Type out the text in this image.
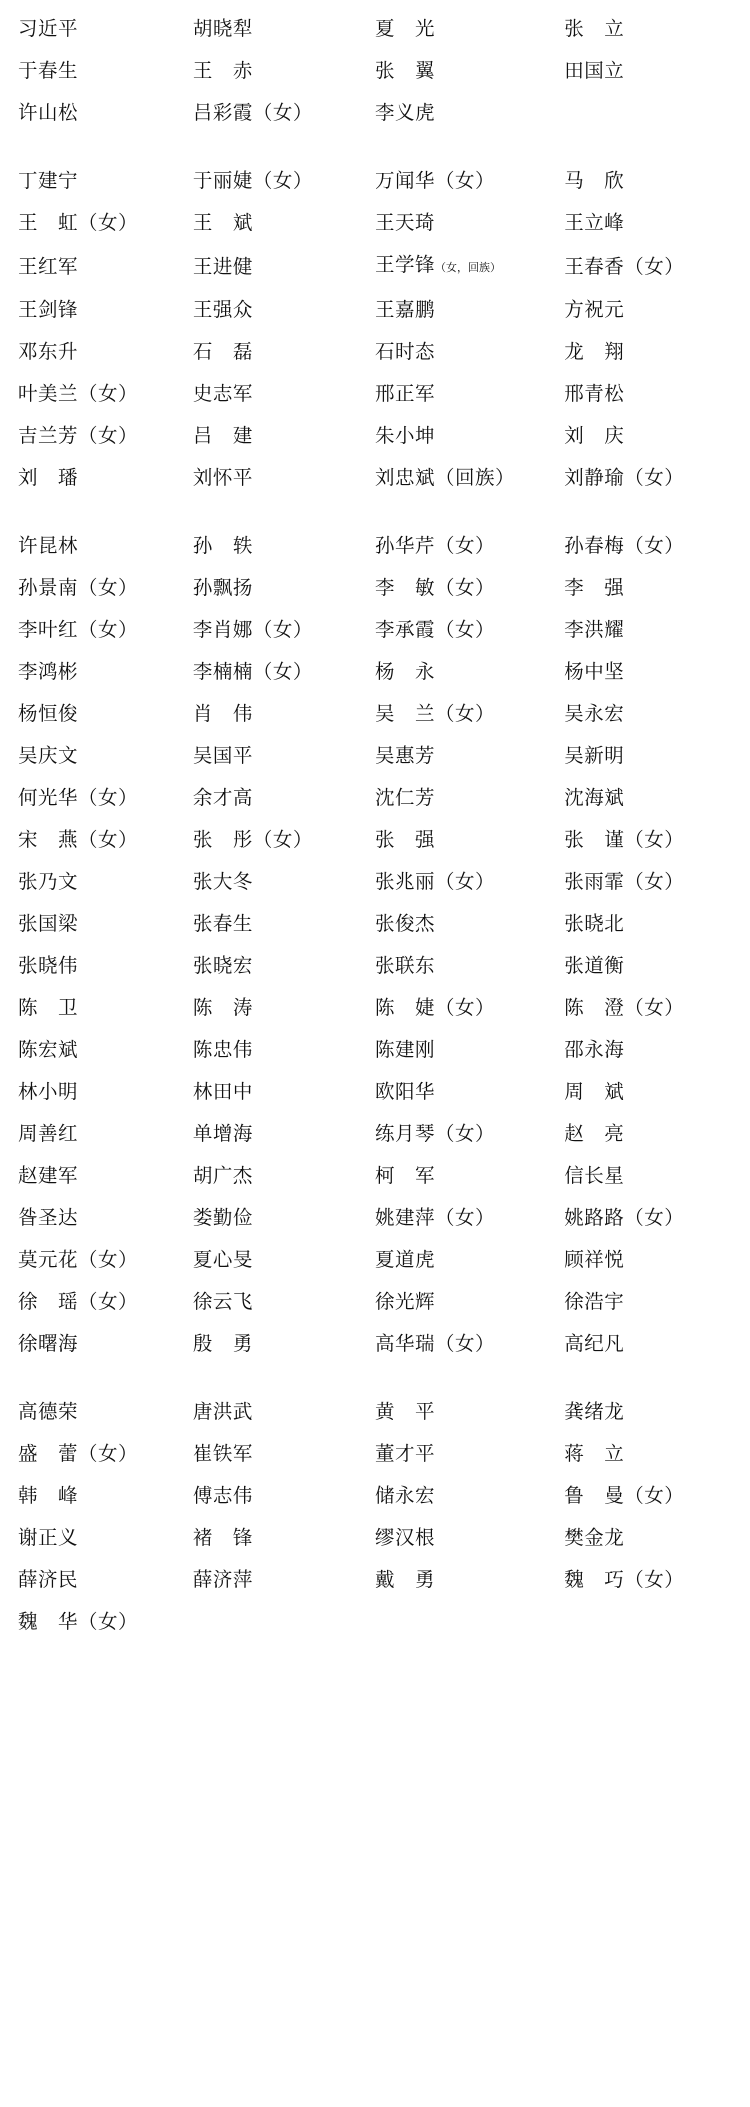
习近平	胡晓犁	夏　光	张　立
于春生	王　赤	张　翼	田国立
许山松	吕彩霞（女）	李义虎	

丁建宁	于丽婕（女）	万闻华（女）	马　欣
王　虹（女）	王　斌	王天琦	王立峰
王红军	王进健	王学锋（女，回族）	王春香（女）
王剑锋	王强众	王嘉鹏	方祝元
邓东升	石　磊	石时态	龙　翔
叶美兰（女）	史志军	邢正军	邢青松
吉兰芳（女）	吕　建	朱小坤	刘　庆
刘　璠	刘怀平	刘忠斌（回族）	刘静瑜（女）

许昆林	孙　轶	孙华芹（女）	孙春梅（女）
孙景南（女）	孙飘扬	李　敏（女）	李　强
李叶红（女）	李肖娜（女）	李承霞（女）	李洪耀
李鸿彬	李楠楠（女）	杨　永	杨中坚
杨恒俊	肖　伟	吴　兰（女）	吴永宏
吴庆文	吴国平	吴惠芳	吴新明
何光华（女）	余才高	沈仁芳	沈海斌
宋　燕（女）	张　彤（女）	张　强	张　谨（女）
张乃文	张大冬	张兆丽（女）	张雨霏（女）
张国梁	张春生	张俊杰	张晓北
张晓伟	张晓宏	张联东	张道衡
陈　卫	陈　涛	陈　婕（女）	陈　澄（女）
陈宏斌	陈忠伟	陈建刚	邵永海
林小明	林田中	欧阳华	周　斌
周善红	单增海	练月琴（女）	赵　亮
赵建军	胡广杰	柯　军	信长星
昝圣达	娄勤俭	姚建萍（女）	姚路路（女）
莫元花（女）	夏心旻	夏道虎	顾祥悦
徐　瑶（女）	徐云飞	徐光辉	徐浩宇
徐曙海	殷　勇	高华瑞（女）	高纪凡

高德荣	唐洪武	黄　平	龚绪龙
盛　蕾（女）	崔铁军	董才平	蒋　立
韩　峰	傅志伟	储永宏	鲁　曼（女）
谢正义	褚　锋	缪汉根	樊金龙
薛济民	薛济萍	戴　勇	魏　巧（女）
魏　华（女）			
